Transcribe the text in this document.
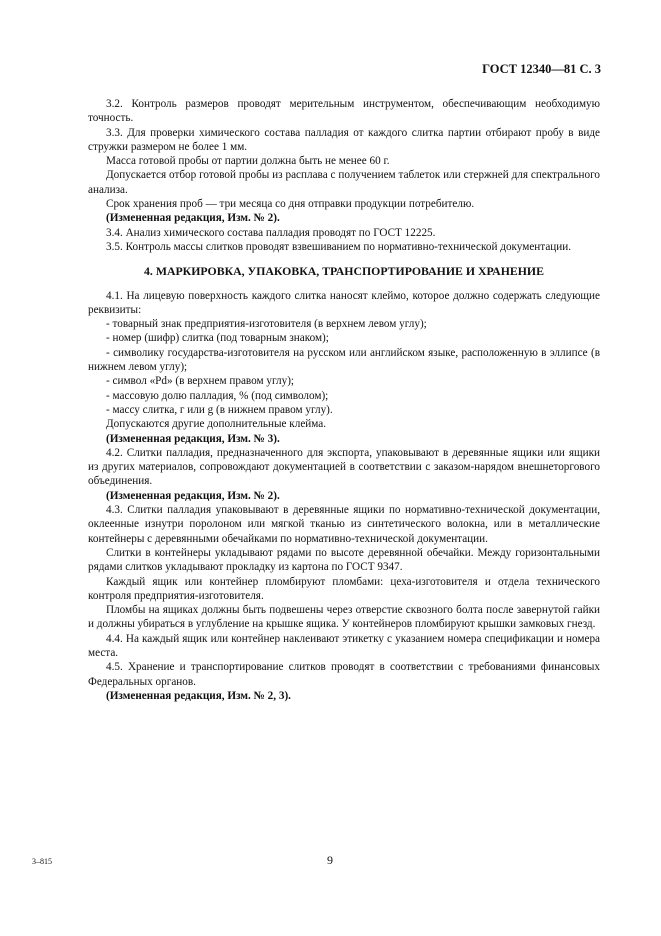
ГОСТ 12340—81 С. 3

3.2. Контроль размеров проводят мерительным инструментом, обеспечивающим необходимую точность.

3.3. Для проверки химического состава палладия от каждого слитка партии отбирают пробу в виде стружки размером не более 1 мм.

Масса готовой пробы от партии должна быть не менее 60 г.

Допускается отбор готовой пробы из расплава с получением таблеток или стержней для спектрального анализа.

Срок хранения проб — три месяца со дня отправки продукции потребителю.

(Измененная редакция, Изм. № 2).

3.4. Анализ химического состава палладия проводят по ГОСТ 12225.

3.5. Контроль массы слитков проводят взвешиванием по нормативно-технической документации.

4. МАРКИРОВКА, УПАКОВКА, ТРАНСПОРТИРОВАНИЕ И ХРАНЕНИЕ

4.1. На лицевую поверхность каждого слитка наносят клеймо, которое должно содержать следующие реквизиты:

- товарный знак предприятия-изготовителя (в верхнем левом углу);

- номер (шифр) слитка (под товарным знаком);

- символику государства-изготовителя на русском или английском языке, расположенную в эллипсе (в нижнем левом углу);

- символ «Pd» (в верхнем правом углу);

- массовую долю палладия, % (под символом);

- массу слитка, г или g (в нижнем правом углу).

Допускаются другие дополнительные клейма.

(Измененная редакция, Изм. № 3).

4.2. Слитки палладия, предназначенного для экспорта, упаковывают в деревянные ящики или ящики из других материалов, сопровождают документацией в соответствии с заказом-нарядом внешнеторгового объединения.

(Измененная редакция, Изм. № 2).

4.3. Слитки палладия упаковывают в деревянные ящики по нормативно-технической документации, оклеенные изнутри поролоном или мягкой тканью из синтетического волокна, или в металлические контейнеры с деревянными обечайками по нормативно-технической документации.

Слитки в контейнеры укладывают рядами по высоте деревянной обечайки. Между горизонтальными рядами слитков укладывают прокладку из картона по ГОСТ 9347.

Каждый ящик или контейнер пломбируют пломбами: цеха-изготовителя и отдела технического контроля предприятия-изготовителя.

Пломбы на ящиках должны быть подвешены через отверстие сквозного болта после завернутой гайки и должны убираться в углубление на крышке ящика. У контейнеров пломбируют крышки замковых гнезд.

4.4. На каждый ящик или контейнер наклеивают этикетку с указанием номера спецификации и номера места.

4.5. Хранение и транспортирование слитков проводят в соответствии с требованиями финансовых Федеральных органов.

(Измененная редакция, Изм. № 2, 3).

3–815	9
